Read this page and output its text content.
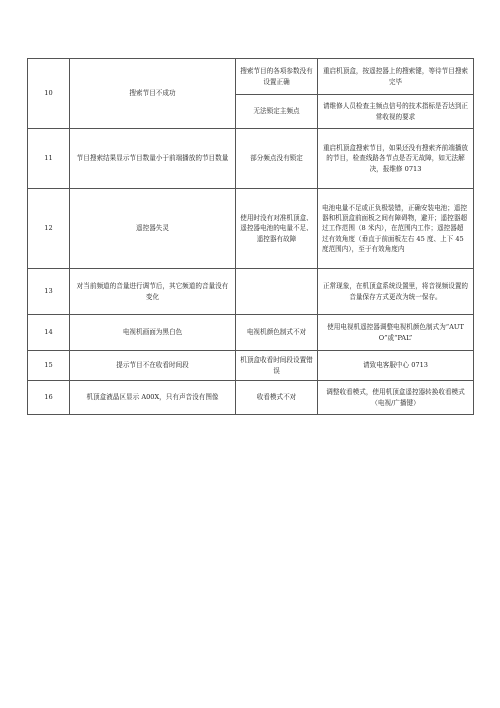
10	搜索节目不成功	搜索节目的各项参数没有设置正确	重启机顶盒，按遥控器上的搜索键，等待节目搜索完毕
		无法锁定主频点	请维修人员检查主频点信号的技术指标是否达到正常收视的要求
11	节目搜索结果显示节目数量小于前端播放的节目数量	部分频点没有锁定	重启机顶盒搜索节目，如果还没有搜索齐前端播放的节目，检查线路各节点是否无故障，如无法解决，报维修 0713
12	遥控器失灵	使用时没有对准机顶盒、遥控器电池的电量不足、遥控器有故障	电池电量不足或正负极装错，正确安装电池；遥控器和机顶盒前面板之间有障碍物，避开；遥控器超过工作范围（8 米内），在范围内工作；遥控器超过有效角度（垂直于前面板左右 45 度、上下 45 度范围内），至于有效角度内
13	对当前频道的音量进行调节后，其它频道的音量没有变化		正常现象，在机顶盒系统设置里，将音视频设置的音量保存方式更改为统一保存。
14	电视机画面为黑白色	电视机颜色制式不对	使用电视机遥控器调整电视机颜色制式为“AUTO”或“PAL”
15	提示节目不在收看时间段	机顶盒收看时间段设置错误	请致电客服中心 0713
16	机顶盒液晶区显示 A00X，只有声音没有图像	收看模式不对	调整收看模式，使用机顶盒遥控器转换收看模式（电视/广播键）
